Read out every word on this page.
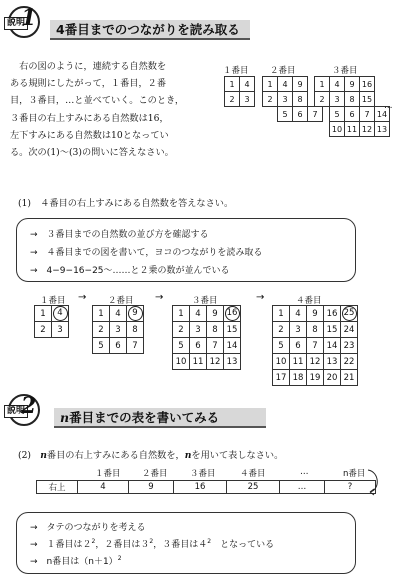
説明
1 4番目までのつながりを読み取る
　右の図のように，連続する自然数を
ある規則にしたがって，１番目，２番
目，３番目，…と並べていく。このとき，
３番目の右上すみにある自然数は16，
左下すみにある自然数は10となってい
る。次の(1)〜(3)の問いに答えなさい。
１番目	２番目	３番目
1	4
2	3
1	4	9	
2	3	8	
	5	6	7
1	4	9	16	
2	3	8	15	
	5	6	7	14
	10	11	12	13
…
(1)　４番目の右上すみにある自然数を答えなさい。
→　３番目までの自然数の並び方を確認する
→　４番目までの図を書いて，ヨコのつながりを読み取る
→　4−9−16−25〜……と２乗の数が並んでいる
１番目	２番目	３番目	４番目
→	→	→
1	4
2	3
1	4	9
2	3	8
5	6	7
1	4	9	16
2	3	8	15
5	6	7	14
10	11	12	13
1	4	9	16	25
2	3	8	15	24
5	6	7	14	23
10	11	12	13	22
17	18	19	20	21
説明
2 n番目までの表を書いてみる
(2)　n番目の右上すみにある自然数を，nを用いて表しなさい。
１番目	２番目	３番目	４番目	…	n番目
右上	4	9	16	25	…	?
→　タテのつながりを考える
→　１番目は$2^2$，２番目は$3^2$，３番目は$4^2$　となっている
→　n番目は$(n+1)^2$
